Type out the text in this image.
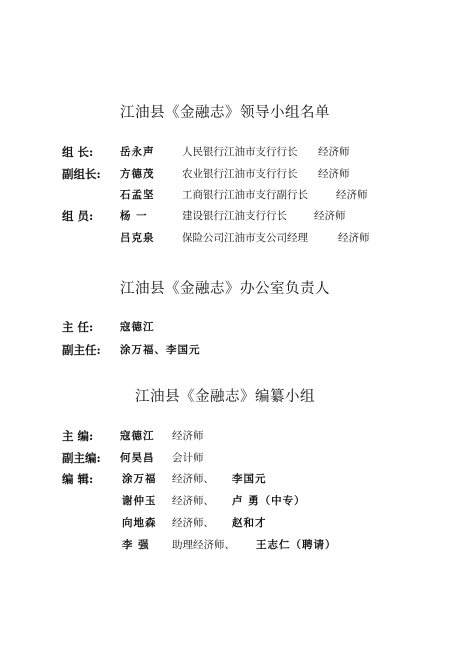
江油县《金融志》领导小组名单
组 长:	岳永声	人民银行江油市支行行长 经济师
副组长: 方德茂	农业银行江油市支行行长 经济师
石孟坚	工商银行江油市支行副行长	经济师
组 员:	杨 一	建设银行江油支行行长	经济师
吕克泉	保险公司江油市支公司经理	经济师
江油县《金融志》办公室负责人
主 任:	寇德江
副主任: 涂万福、李国元
江油县《金融志》编纂小组
主 编:	寇德江 经济师
副主编: 何昊昌 会计师
编 辑:	涂万福 经济师、 李国元
谢仲玉 经济师、 卢 勇（中专）
向地森 经济师、 赵和才
李 强 助理经济师、 王志仁（聘请）
